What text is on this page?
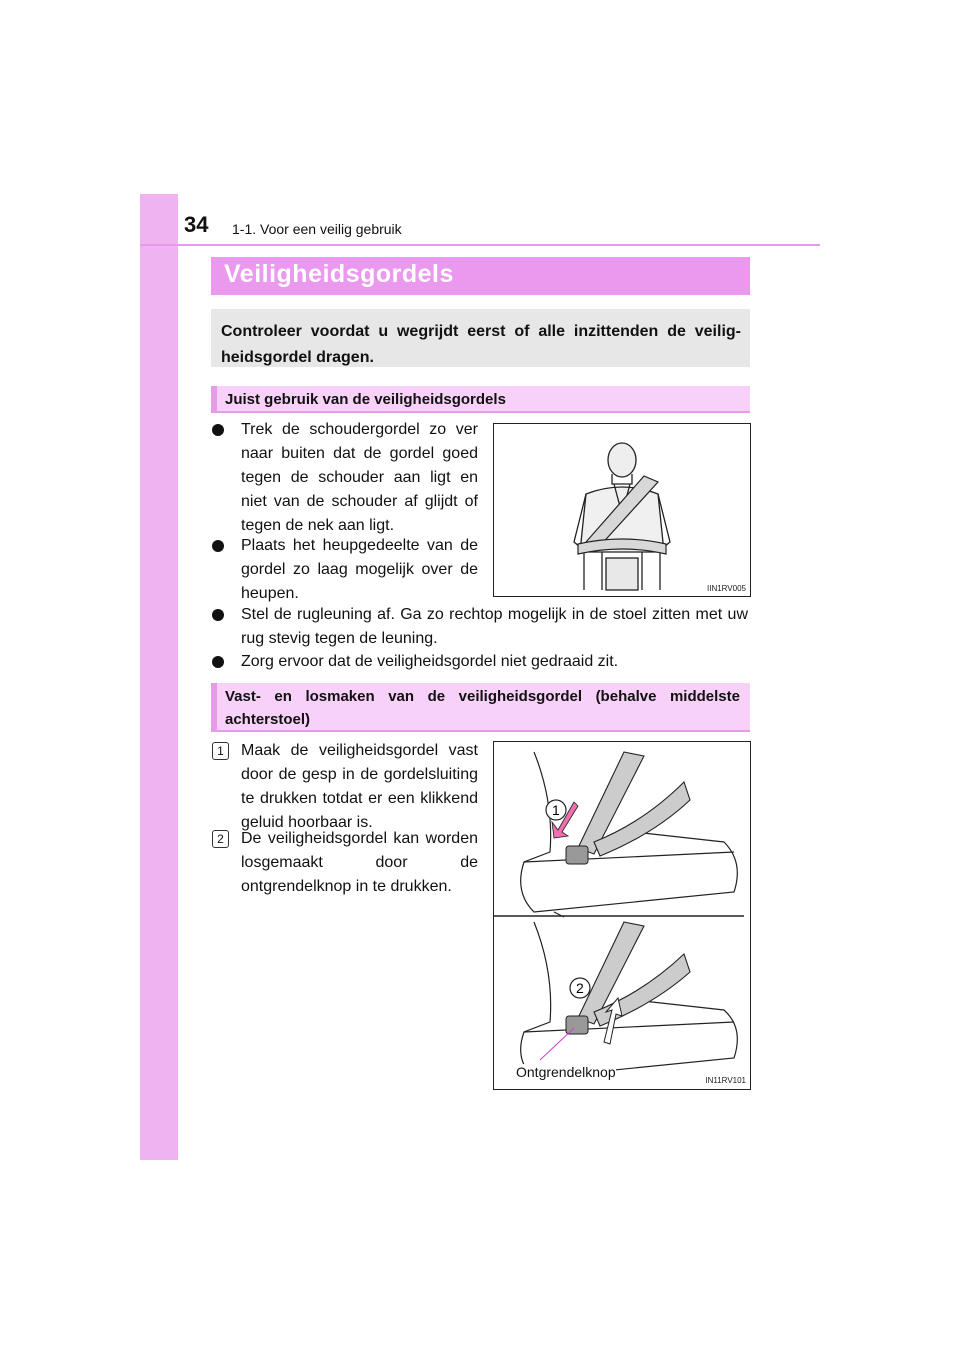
34 1-1. Voor een veilig gebruik
Veiligheidsgordels

Controleer voordat u wegrijdt eerst of alle inzittenden de veilig-heidsgordel dragen.

Juist gebruik van de veiligheidsgordels
Trek de schoudergordel zo ver naar buiten dat de gordel goed tegen de schouder aan ligt en niet van de schouder af glijdt of tegen de nek aan ligt.
Plaats het heupgedeelte van de gordel zo laag mogelijk over de heupen.
Stel de rugleuning af. Ga zo rechtop mogelijk in de stoel zitten met uw rug stevig tegen de leuning.
Zorg ervoor dat de veiligheidsgordel niet gedraaid zit.
IIN1RV005
Vast- en losmaken van de veiligheidsgordel (behalve middelste achterstoel)
1	Maak de veiligheidsgordel vast door de gesp in de gordelsluiting te drukken totdat er een klikkend geluid hoorbaar is.
2	De veiligheidsgordel kan worden losgemaakt door de ontgrendelknop in te drukken.
1
2
Ontgrendelknop
IN11RV101
